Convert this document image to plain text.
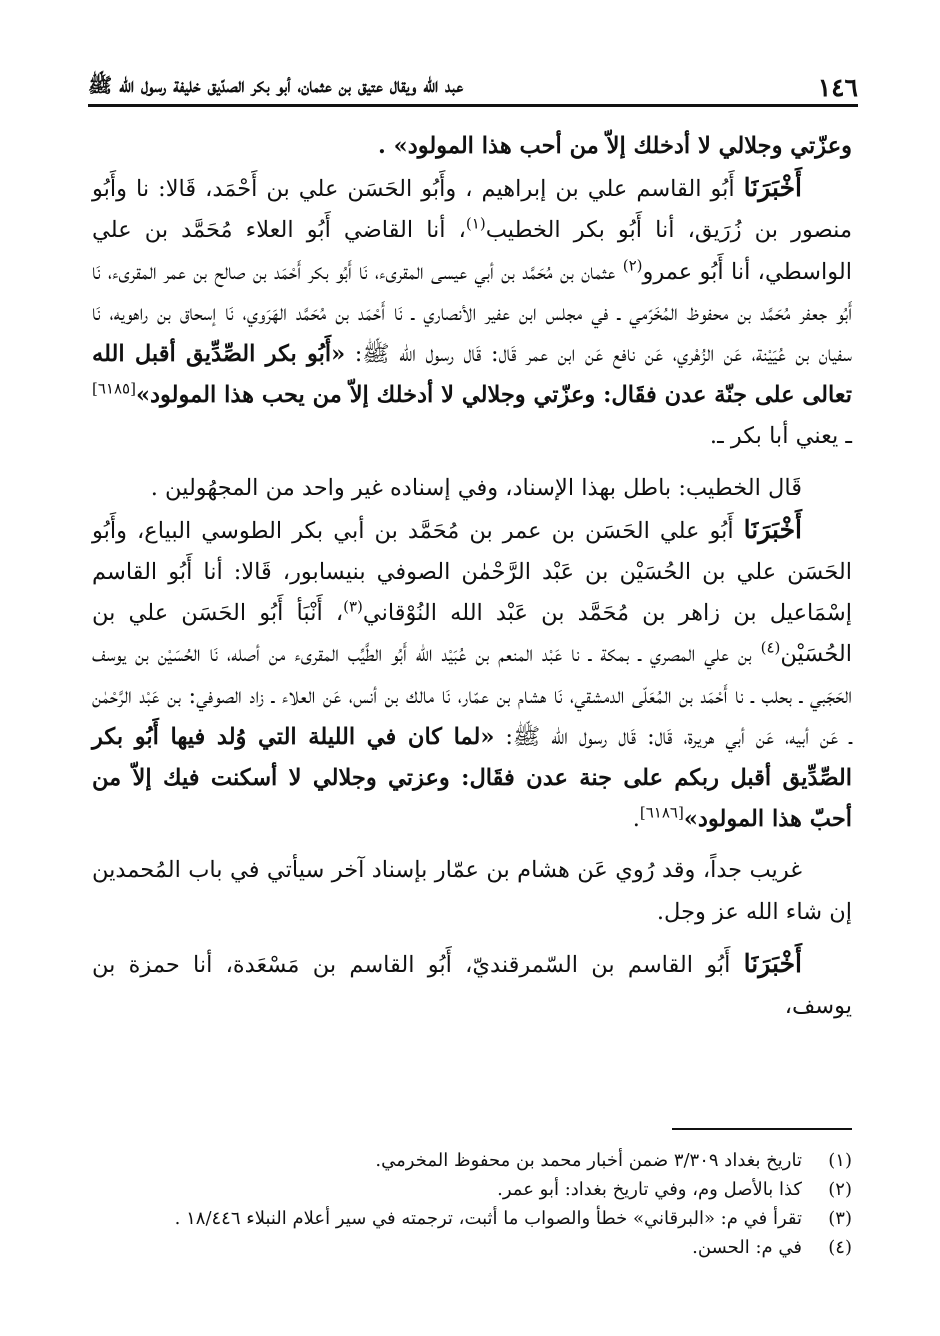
١٤٦
عبد الله ويقال عتيق بن عثمان، أبو بكر الصدّيق خليفة رسول الله ﷺ

وعزّتي وجلالي لا أدخلك إلاّ من أحب هذا المولود» .

أَخْبَرَنَا أَبُو القاسم علي بن إبراهيم ، وأَبُو الحَسَن علي بن أَحْمَد، قَالا: نا وأَبُو منصور بن زُرَيق، أنا أَبُو بكر الخطيب$^{(١)}$، أنا القاضي أَبُو العلاء مُحَمَّد بن علي الواسطي، أنا أَبُو عمرو$^{(٢)}$ عثمان بن مُحَمَّد بن أبي عيسى المقرىء، نَا أَبُو بكر أَحْمَد بن صالح بن عمر المقرىء، نَا أَبُو جعفر مُحَمَّد بن محفوظ المُخَرّمي ـ في مجلس ابن عفير الأنصاري ـ نَا أَحْمَد بن مُحَمَّد الهَرَوي، نَا إسحاق بن راهويه، نَا سفيان بن عُيَيْنة، عَن الزُهْري، عَن نافع عَن ابن عمر قَال: قَال رسول الله ﷺ: «أَبُو بكر الصِّدِّيق أقبل الله تعالى على جنّة عدن فقَال: وعزّتي وجلالي لا أدخلك إلاّ من يحب هذا المولود»[٦١٨٥] ـ يعني أبا بكر ـ.

قَال الخطيب: باطل بهذا الإسناد، وفي إسناده غير واحد من المجهُولين .

أَخْبَرَنَا أَبُو علي الحَسَن بن عمر بن مُحَمَّد بن أبي بكر الطوسي البياع، وأَبُو الحَسَن علي بن الحُسَيْن بن عَبْد الرَّحْمٰن الصوفي بنيسابور، قَالا: أنا أَبُو القاسم إسْمَاعيل بن زاهر بن مُحَمَّد بن عَبْد الله النُوْقاني$^{(٣)}$، أَنْبَأ أَبُو الحَسَن علي بن الحُسَيْن$^{(٤)}$ بن علي المصري ـ بمكة ـ نا عَبْد المنعم بن عُبَيْد الله أَبُو الطَّيِّب المقرىء من أصله، نَا الحُسَيْن بن يوسف الحَجَبي ـ بحلب ـ نا أَحْمَد بن المُعَلّى الدمشقي، نَا هشام بن عمّار، نَا مالك بن أنس، عَن العلاء ـ زاد الصوفي: بن عَبْد الرَّحْمٰن ـ عَن أبيه، عَن أبي هريرة، قَال: قَال رسول الله ﷺ: «لما كان في الليلة التي وُلد فيها أَبُو بكر الصِّدِّيق أقبل ربكم على جنة عدن فقَال: وعزتي وجلالي لا أسكنت فيك إلاّ من أحبّ هذا المولود»[٦١٨٦].

غريب جداً، وقد رُوي عَن هشام بن عمّار بإسناد آخر سيأتي في باب المُحمدين إن شاء الله عز وجل.

أَخْبَرَنَا أَبُو القاسم بن السّمرقنديّ، أَبُو القاسم بن مَسْعَدة، أنا حمزة بن يوسف،

(١)
تاريخ بغداد ٣/٣٠٩ ضمن أخبار محمد بن محفوظ المخرمي.
(٢)
كذا بالأصل وم، وفي تاريخ بغداد: أبو عمر.
(٣)
تقرأ في م: «البرقاني» خطأ والصواب ما أثبت، ترجمته في سير أعلام النبلاء ١٨/٤٤٦ .
(٤)
في م: الحسن.
